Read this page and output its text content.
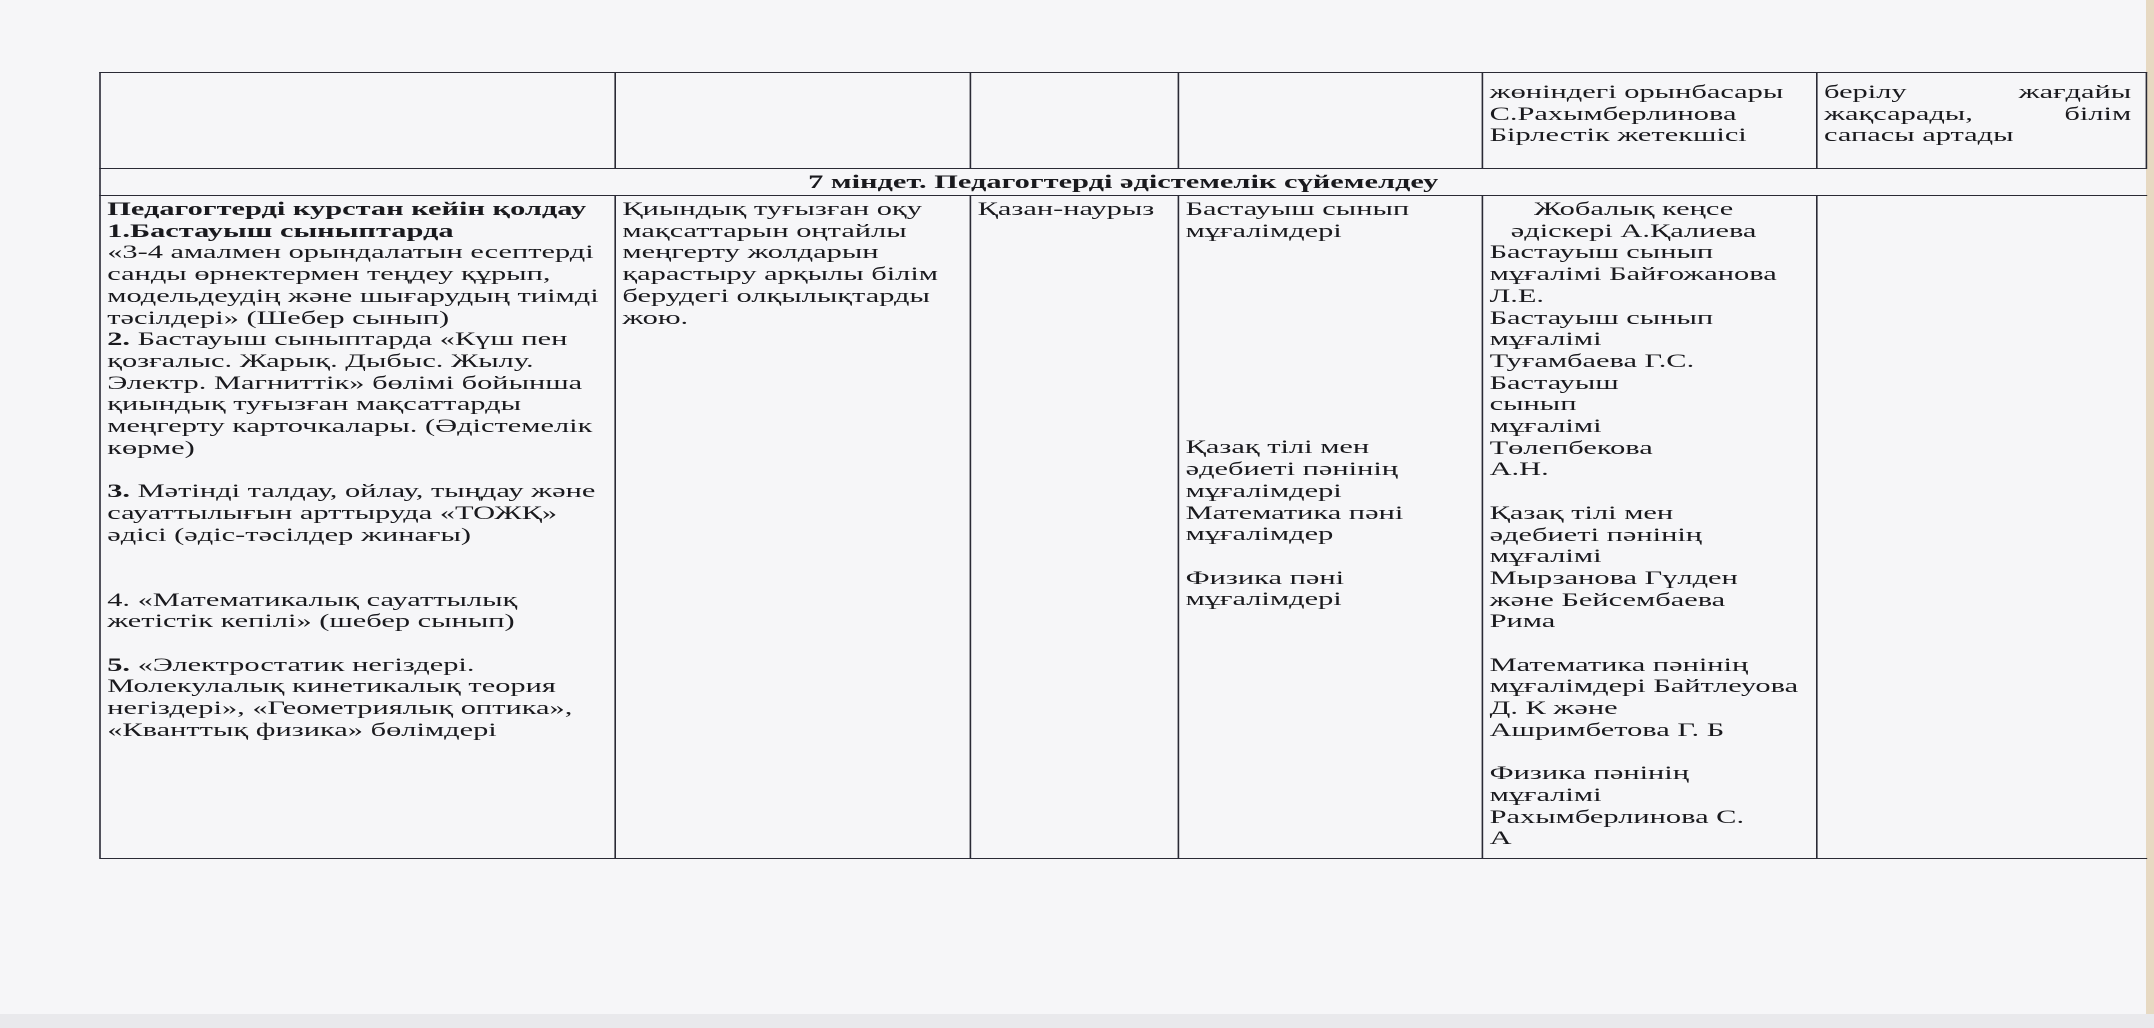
жөніндегі орынбасары
С.Рахымберлинова
Бірлестік жетекшісі
берілу жағдайы жақсарады, білім сапасы артады
7 міндет. Педагогтерді әдістемелік сүйемелдеу
Педагогтерді курстан кейін қолдау
1.Бастауыш сыныптарда
«3-4 амалмен орындалатын есептерді санды өрнектермен теңдеу құрып, модельдеудің және шығарудың тиімді тәсілдері» (Шебер сынып)
2. Бастауыш сыныптарда «Күш пен қозғалыс. Жарық. Дыбыс. Жылу. Электр. Магниттік» бөлімі бойынша қиындық туғызған мақсаттарды меңгерту карточкалары. (Әдістемелік көрме)
3. Мәтінді талдау, ойлау, тыңдау және сауаттылығын арттыруда «ТОЖҚ» әдісі (әдіс-тәсілдер жинағы)
4. «Математикалық сауаттылық жетістік кепілі» (шебер сынып)
5. «Электростатик негіздері. Молекулалық кинетикалық теория негіздері», «Геометриялық оптика», «Кванттық физика» бөлімдері
Қиындық туғызған оқу мақсаттарын оңтайлы меңгерту жолдарын қарастыру арқылы білім берудегі олқылықтарды жою.
Қазан-наурыз	Бастауыш сынып мұғалімдері
Қазақ тілі мен әдебиеті пәнінің мұғалімдері
Математика пәні мұғалімдер
Физика пәні мұғалімдері
Жобалық кеңсе әдіскері А.Қалиева
Бастауыш сынып мұғалімі Байғожанова Л.Е.
Бастауыш сынып мұғалімі Туғамбаева Г.С.
Бастауыш сынып мұғалімі Төлепбекова А.Н.
Қазақ тілі мен әдебиеті пәнінің мұғалімі Мырзанова Гүлден және Бейсембаева Рима
Математика пәнінің мұғалімдері Байтлеуова Д. К және Ашримбетова Г. Б
Физика пәнінің мұғалімі Рахымберлинова С. А
